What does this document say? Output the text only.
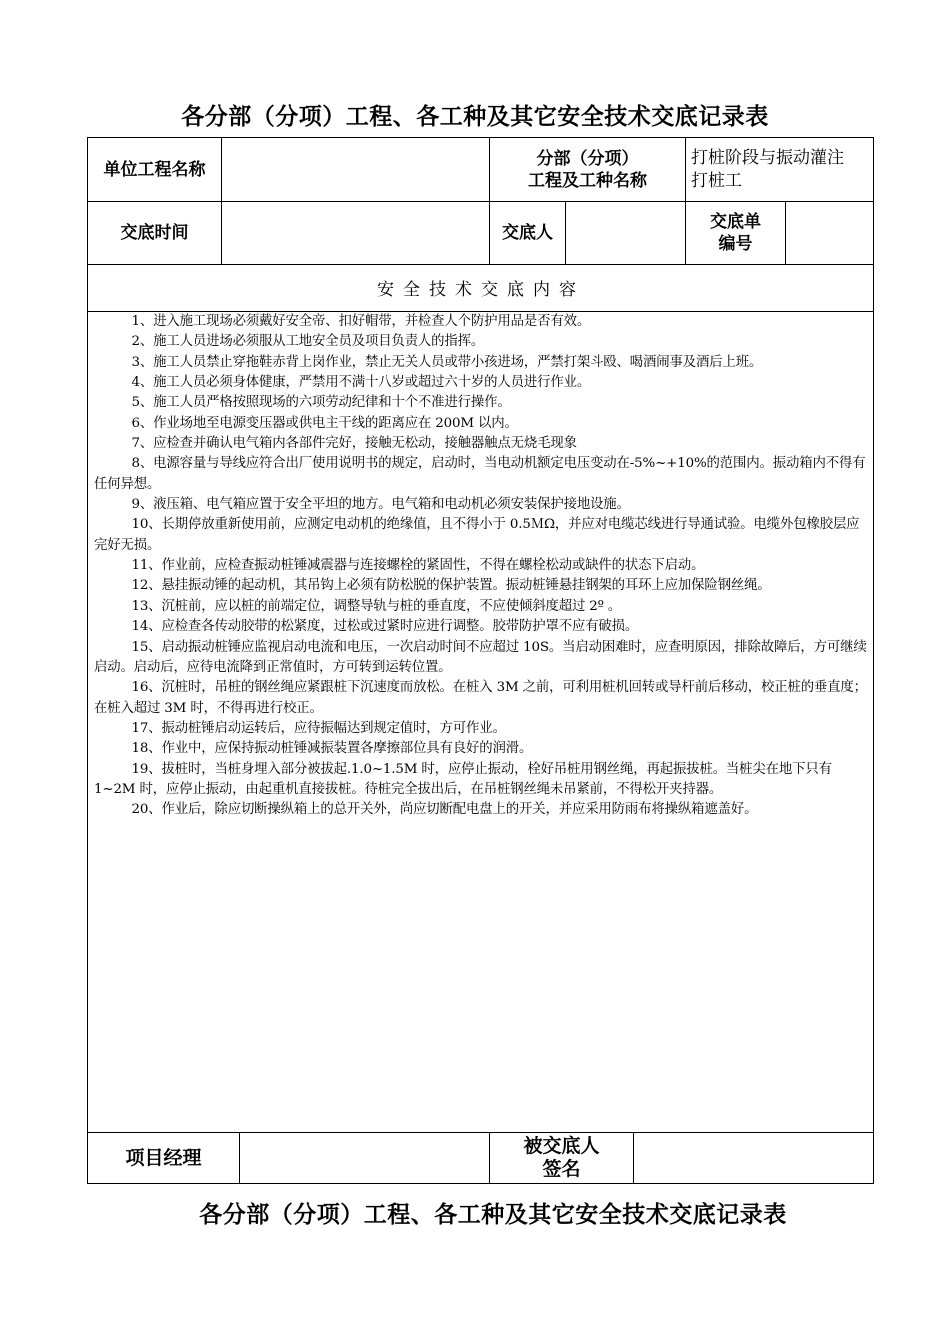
各分部（分项）工程、各工种及其它安全技术交底记录表
单位工程名称
分部（分项）
工程及工种名称
打桩阶段与振动灌注
打桩工
交底时间	交底人
交底单
编号
安全技术交底内容

1、进入施工现场必须戴好安全帝、扣好帽带，并检查人个防护用品是否有效。

2、施工人员进场必须服从工地安全员及项目负责人的指挥。

3、施工人员禁止穿拖鞋赤背上岗作业，禁止无关人员或带小孩进场，严禁打架斗殴、喝酒闹事及酒后上班。

4、施工人员必须身体健康，严禁用不满十八岁或超过六十岁的人员进行作业。

5、施工人员严格按照现场的六项劳动纪律和十个不准进行操作。

6、作业场地至电源变压器或供电主干线的距离应在 200M 以内。

7、应检查并确认电气箱内各部件完好，接触无松动，接触器触点无烧毛现象

8、电源容量与导线应符合出厂使用说明书的规定，启动时，当电动机额定电压变动在-5%~+10%的范围内。振动箱内不得有任何异想。

9、液压箱、电气箱应置于安全平坦的地方。电气箱和电动机必须安装保护接地设施。

10、长期停放重新使用前，应测定电动机的绝缘值，且不得小于 0.5ＭΩ，并应对电缆芯线进行导通试验。电缆外包橡胶层应完好无损。

11、作业前，应检查振动桩锤减震器与连接螺栓的紧固性，不得在螺栓松动或缺件的状态下启动。

12、悬挂振动锤的起动机，其吊钩上必须有防松脱的保护装置。振动桩锤悬挂钢架的耳环上应加保险钢丝绳。

13、沉桩前，应以桩的前端定位，调整导轨与桩的垂直度，不应使倾斜度超过 2º 。

14、应检查各传动胶带的松紧度，过松或过紧时应进行调整。胶带防护罩不应有破损。

15、启动振动桩锤应监视启动电流和电压，一次启动时间不应超过 10S。当启动困难时，应查明原因，排除故障后，方可继续启动。启动后，应待电流降到正常值时，方可转到运转位置。

16、沉桩时，吊桩的钢丝绳应紧跟桩下沉速度而放松。在桩入 3M 之前，可利用桩机回转或导杆前后移动，校正桩的垂直度；在桩入超过 3M 时，不得再进行校正。

17、振动桩锤启动运转后，应待振幅达到规定值时，方可作业。

18、作业中，应保持振动桩锤减振装置各摩擦部位具有良好的润滑。

19、拔桩时，当桩身埋入部分被拔起.1.0~1.5M 时，应停止振动，栓好吊桩用钢丝绳，再起振拔桩。当桩尖在地下只有 1~2M 时，应停止振动，由起重机直接拔桩。待桩完全拔出后，在吊桩钢丝绳未吊紧前，不得松开夹持器。

20、作业后，除应切断操纵箱上的总开关外，尚应切断配电盘上的开关，并应采用防雨布将操纵箱遮盖好。

项目经理
被交底人
签名
各分部（分项）工程、各工种及其它安全技术交底记录表
